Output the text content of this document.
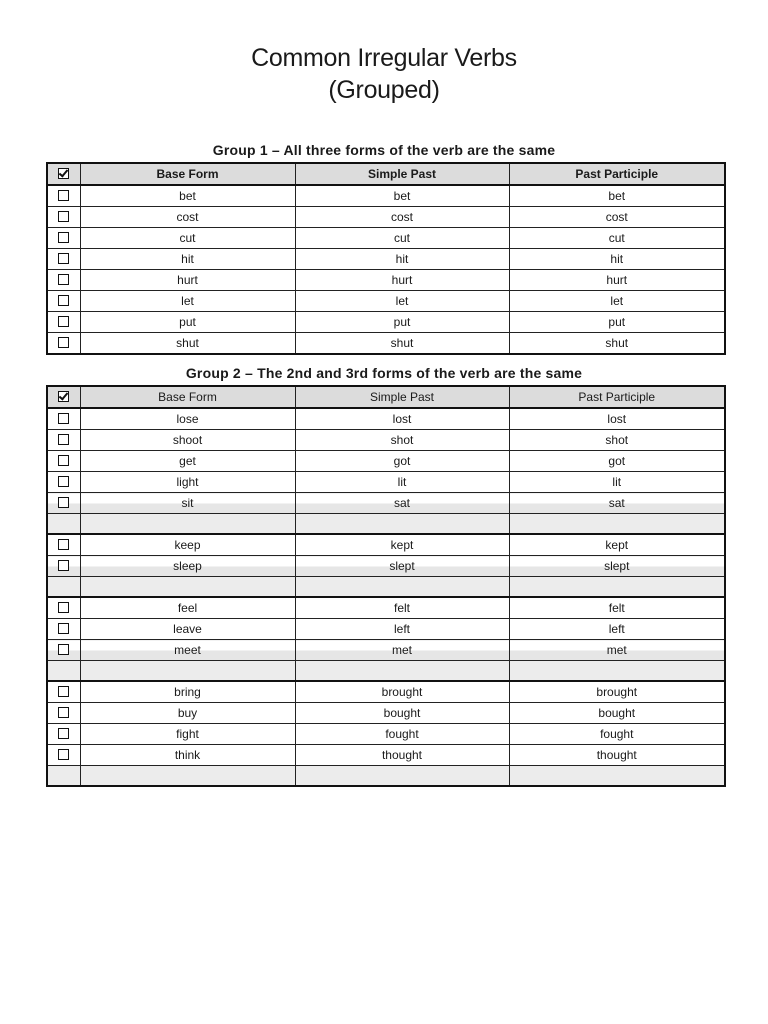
Common Irregular Verbs
(Grouped)
Group 1 – All three forms of the verb are the same
	Base Form	Simple Past	Past Participle
	bet	bet	bet
	cost	cost	cost
	cut	cut	cut
	hit	hit	hit
	hurt	hurt	hurt
	let	let	let
	put	put	put
	shut	shut	shut
Group 2 – The 2nd and 3rd forms of the verb are the same
	Base Form	Simple Past	Past Participle
	lose	lost	lost
	shoot	shot	shot
	get	got	got
	light	lit	lit
	sit	sat	sat

	keep	kept	kept
	sleep	slept	slept

	feel	felt	felt
	leave	left	left
	meet	met	met

	bring	brought	brought
	buy	bought	bought
	fight	fought	fought
	think	thought	thought
